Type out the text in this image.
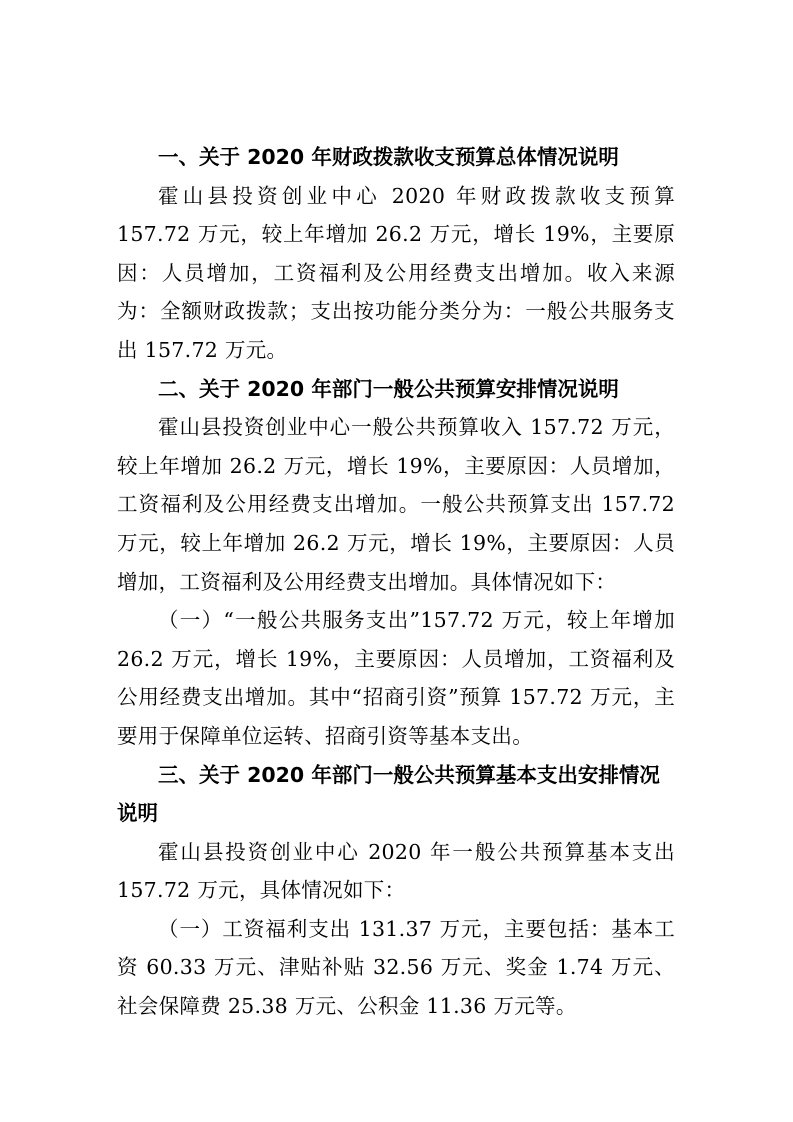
一、关于 2020 年财政拨款收支预算总体情况说明

霍山县投资创业中心 2020 年财政拨款收支预算 157.72 万元，较上年增加 26.2 万元，增长 19%，主要原因：人员增加，工资福利及公用经费支出增加。收入来源为：全额财政拨款；支出按功能分类分为：一般公共服务支出 157.72 万元。

二、关于 2020 年部门一般公共预算安排情况说明

霍山县投资创业中心一般公共预算收入 157.72 万元，较上年增加 26.2 万元，增长 19%，主要原因：人员增加，工资福利及公用经费支出增加。一般公共预算支出 157.72 万元，较上年增加 26.2 万元，增长 19%，主要原因：人员增加，工资福利及公用经费支出增加。具体情况如下：

（一）“一般公共服务支出”157.72 万元，较上年增加 26.2 万元，增长 19%，主要原因：人员增加，工资福利及公用经费支出增加。其中“招商引资”预算 157.72 万元，主要用于保障单位运转、招商引资等基本支出。

三、关于 2020 年部门一般公共预算基本支出安排情况说明

霍山县投资创业中心 2020 年一般公共预算基本支出 157.72 万元，具体情况如下：

（一）工资福利支出 131.37 万元，主要包括：基本工资 60.33 万元、津贴补贴 32.56 万元、奖金 1.74 万元、社会保障费 25.38 万元、公积金 11.36 万元等。
